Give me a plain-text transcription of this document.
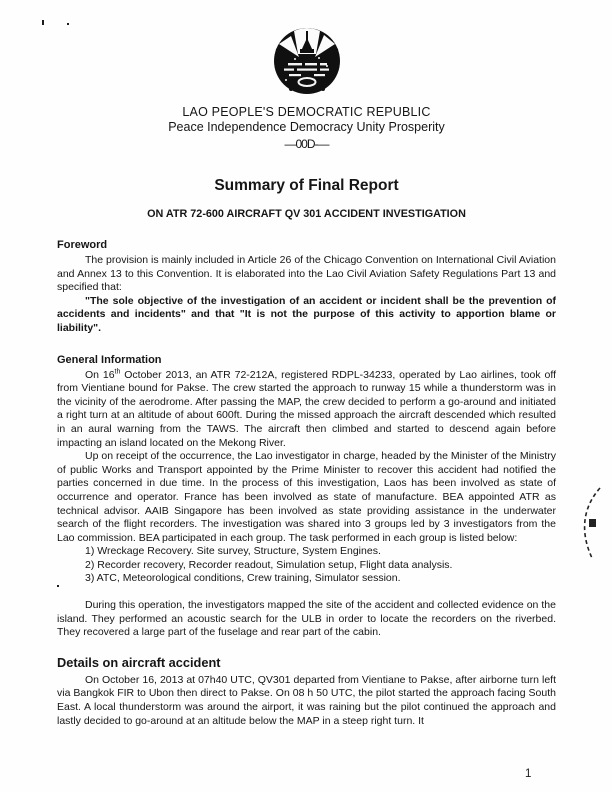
LAO PEOPLE'S DEMOCRATIC REPUBLIC
Peace Independence Democracy Unity Prosperity
—00D-—
Summary of Final Report
ON ATR 72-600 AIRCRAFT QV 301 ACCIDENT INVESTIGATION
Foreword

The provision is mainly included in Article 26 of the Chicago Convention on International Civil Aviation and Annex 13 to this Convention. It is elaborated into the Lao Civil Aviation Safety Regulations Part 13 and specified that:

"The sole objective of the investigation of an accident or incident shall be the prevention of accidents and incidents" and that "It is not the purpose of this activity to apportion blame or liability".

General Information

On 16th October 2013, an ATR 72-212A, registered RDPL-34233, operated by Lao airlines, took off from Vientiane bound for Pakse. The crew started the approach to runway 15 while a thunderstorm was in the vicinity of the aerodrome. After passing the MAP, the crew decided to perform a go-around and initiated a right turn at an altitude of about 600ft. During the missed approach the aircraft descended which resulted in an aural warning from the TAWS. The aircraft then climbed and started to descend again before impacting an island located on the Mekong River.

Up on receipt of the occurrence, the Lao investigator in charge, headed by the Minister of the Ministry of public Works and Transport appointed by the Prime Minister to recover this accident had notified the parties concerned in due time. In the process of this investigation, Laos has been involved as state of occurrence and operator. France has been involved as state of manufacture. BEA appointed ATR as technical advisor. AAIB Singapore has been involved as state providing assistance in the underwater search of the flight recorders. The investigation was shared into 3 groups led by 3 investigators from the Lao commission. BEA participated in each group. The task performed in each group is listed below:

1) Wreckage Recovery. Site survey, Structure, System Engines.
2) Recorder recovery, Recorder readout, Simulation setup, Flight data analysis.
3) ATC, Meteorological conditions, Crew training, Simulator session.

During this operation, the investigators mapped the site of the accident and collected evidence on the island. They performed an acoustic search for the ULB in order to locate the recorders on the riverbed. They recovered a large part of the fuselage and rear part of the cabin.

Details on aircraft accident

On October 16, 2013 at 07h40 UTC, QV301 departed from Vientiane to Pakse, after airborne turn left via Bangkok FIR to Ubon then direct to Pakse. On 08 h 50 UTC, the pilot started the approach facing South East. A local thunderstorm was around the airport, it was raining but the pilot continued the approach and lastly decided to go-around at an altitude below the MAP in a steep right turn. It

1
